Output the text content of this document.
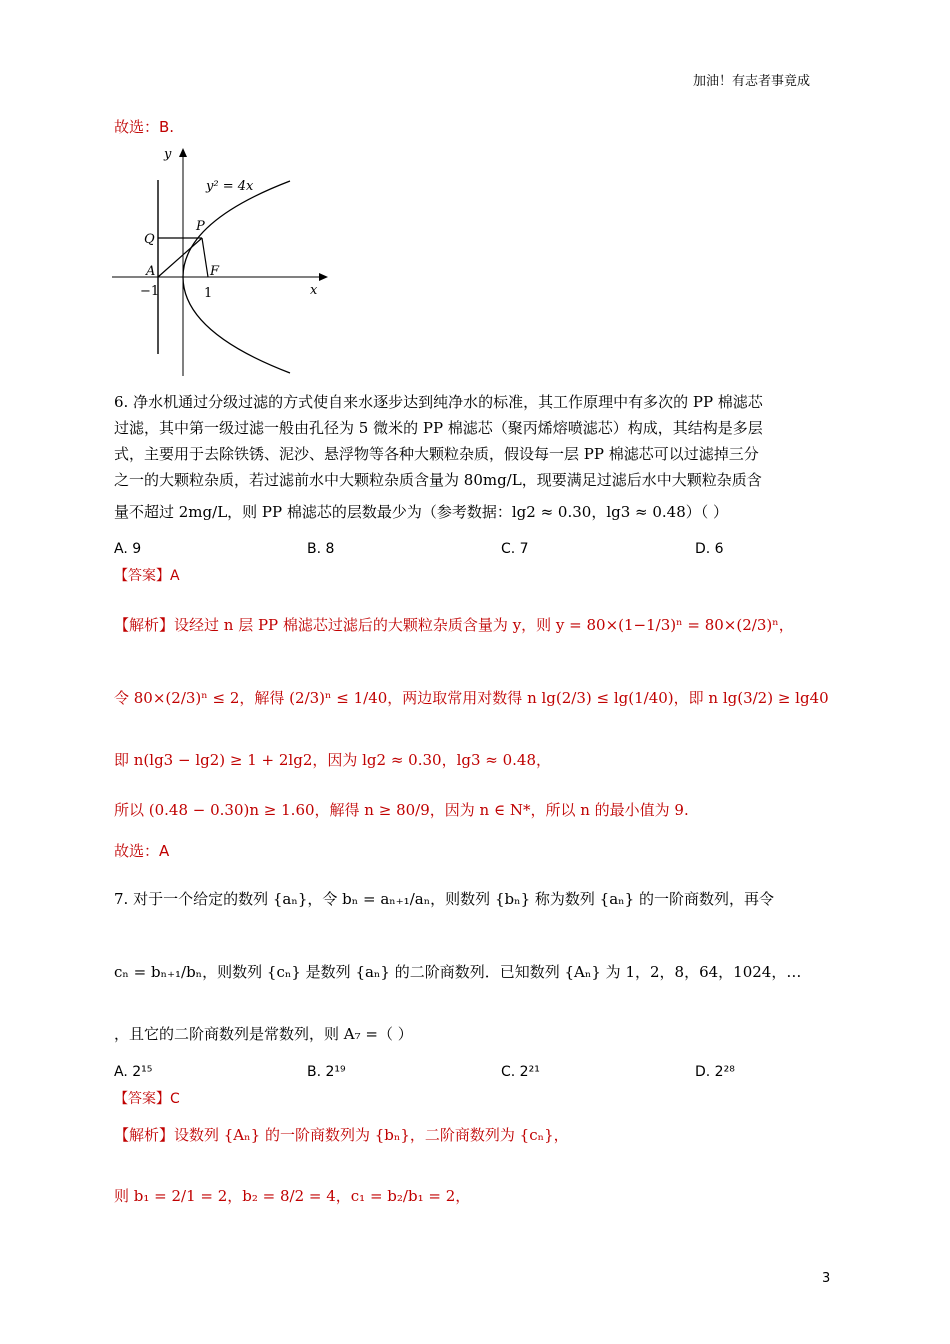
加油！有志者事竟成
故选：B.
y
x
y² = 4x
P
Q
A	F
−1	1
6. 净水机通过分级过滤的方式使自来水逐步达到纯净水的标准，其工作原理中有多次的 PP 棉滤芯
过滤，其中第一级过滤一般由孔径为 5 微米的 PP 棉滤芯（聚丙烯熔喷滤芯）构成，其结构是多层
式，主要用于去除铁锈、泥沙、悬浮物等各种大颗粒杂质，假设每一层 PP 棉滤芯可以过滤掉三分
之一的大颗粒杂质，若过滤前水中大颗粒杂质含量为 80mg/L，现要满足过滤后水中大颗粒杂质含
量不超过 2mg/L，则 PP 棉滤芯的层数最少为（参考数据：lg2 ≈ 0.30，lg3 ≈ 0.48）（ ）
A. 9	B. 8	C. 7	D. 6
【答案】A
【解析】设经过 n 层 PP 棉滤芯过滤后的大颗粒杂质含量为 y，则 y = 80×(1−1/3)ⁿ = 80×(2/3)ⁿ，
令 80×(2/3)ⁿ ≤ 2，解得 (2/3)ⁿ ≤ 1/40，两边取常用对数得 n lg(2/3) ≤ lg(1/40)，即 n lg(3/2) ≥ lg40
即 n(lg3 − lg2) ≥ 1 + 2lg2，因为 lg2 ≈ 0.30，lg3 ≈ 0.48，
所以 (0.48 − 0.30)n ≥ 1.60，解得 n ≥ 80/9，因为 n ∈ N*，所以 n 的最小值为 9.
故选：A
7. 对于一个给定的数列 {aₙ}，令 bₙ = aₙ₊₁/aₙ，则数列 {bₙ} 称为数列 {aₙ} 的一阶商数列，再令
cₙ = bₙ₊₁/bₙ，则数列 {cₙ} 是数列 {aₙ} 的二阶商数列．已知数列 {Aₙ} 为 1，2，8，64，1024，…
，且它的二阶商数列是常数列，则 A₇ =（ ）
A. 2¹⁵	B. 2¹⁹	C. 2²¹	D. 2²⁸
【答案】C
【解析】设数列 {Aₙ} 的一阶商数列为 {bₙ}，二阶商数列为 {cₙ}，
则 b₁ = 2/1 = 2，b₂ = 8/2 = 4，c₁ = b₂/b₁ = 2，
3
